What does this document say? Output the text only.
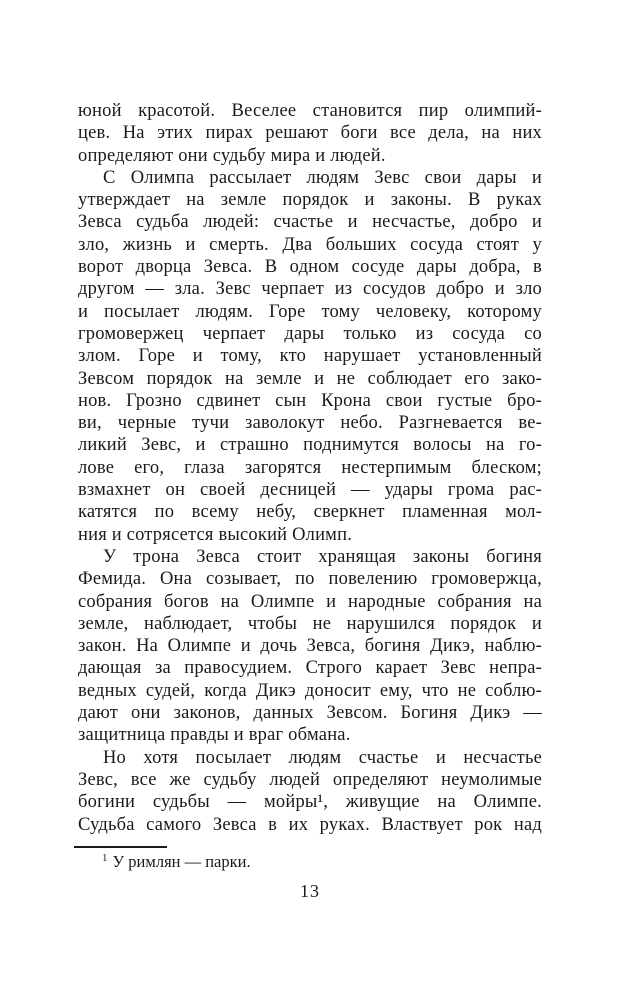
юной красотой. Веселее становится пир олимпий-
цев. На этих пирах решают боги все дела, на них
определяют они судьбу мира и людей.
С Олимпа рассылает людям Зевс свои дары и
утверждает на земле порядок и законы. В руках
Зевса судьба людей: счастье и несчастье, добро и
зло, жизнь и смерть. Два больших сосуда стоят у
ворот дворца Зевса. В одном сосуде дары добра, в
другом — зла. Зевс черпает из сосудов добро и зло
и посылает людям. Горе тому человеку, которому
громовержец черпает дары только из сосуда со
злом. Горе и тому, кто нарушает установленный
Зевсом порядок на земле и не соблюдает его зако-
нов. Грозно сдвинет сын Крона свои густые бро-
ви, черные тучи заволокут небо. Разгневается ве-
ликий Зевс, и страшно поднимутся волосы на го-
лове его, глаза загорятся нестерпимым блеском;
взмахнет он своей десницей — удары грома рас-
катятся по всему небу, сверкнет пламенная мол-
ния и сотрясется высокий Олимп.
У трона Зевса стоит хранящая законы богиня
Фемида. Она созывает, по повелению громовержца,
собрания богов на Олимпе и народные собрания на
земле, наблюдает, чтобы не нарушился порядок и
закон. На Олимпе и дочь Зевса, богиня Дикэ, наблю-
дающая за правосудием. Строго карает Зевс непра-
ведных судей, когда Дикэ доносит ему, что не соблю-
дают они законов, данных Зевсом. Богиня Дикэ —
защитница правды и враг обмана.
Но хотя посылает людям счастье и несчастье
Зевс, все же судьбу людей определяют неумолимые
богини судьбы — мойры¹, живущие на Олимпе.
Судьба самого Зевса в их руках. Властвует рок над
$^1$ У римлян — парки.
13
